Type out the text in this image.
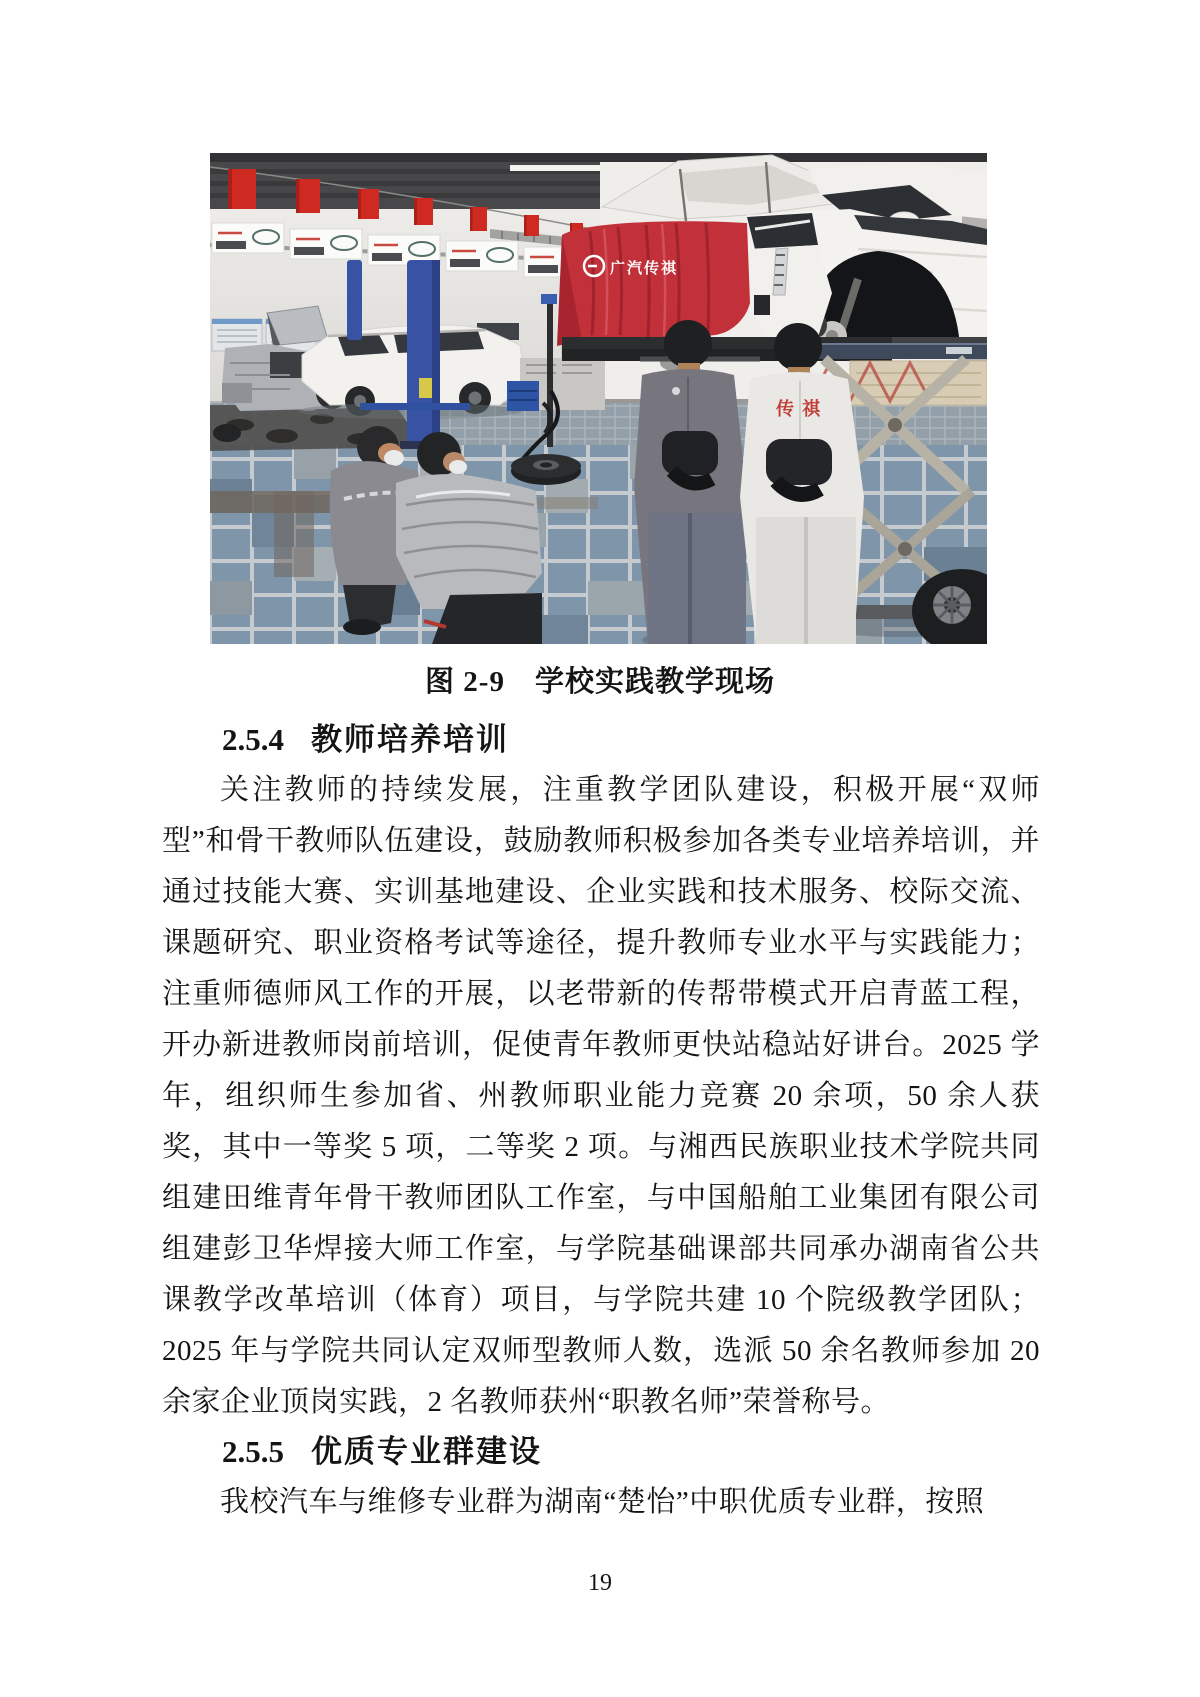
广汽传祺
传祺
图 2-9　学校实践教学现场
2.5.4 教师培养培训

关注教师的持续发展，注重教学团队建设，积极开展“双师型”和骨干教师队伍建设，鼓励教师积极参加各类专业培养培训，并通过技能大赛、实训基地建设、企业实践和技术服务、校际交流、课题研究、职业资格考试等途径，提升教师专业水平与实践能力；注重师德师风工作的开展，以老带新的传帮带模式开启青蓝工程，开办新进教师岗前培训，促使青年教师更快站稳站好讲台。2025 学年，组织师生参加省、州教师职业能力竞赛 20 余项，50 余人获奖，其中一等奖 5 项，二等奖 2 项。与湘西民族职业技术学院共同组建田维青年骨干教师团队工作室，与中国船舶工业集团有限公司组建彭卫华焊接大师工作室，与学院基础课部共同承办湖南省公共课教学改革培训（体育）项目，与学院共建 10 个院级教学团队；2025 年与学院共同认定双师型教师人数，选派 50 余名教师参加 20 余家企业顶岗实践，2 名教师获州“职教名师”荣誉称号。

2.5.5 优质专业群建设

我校汽车与维修专业群为湖南“楚怡”中职优质专业群，按照

19
